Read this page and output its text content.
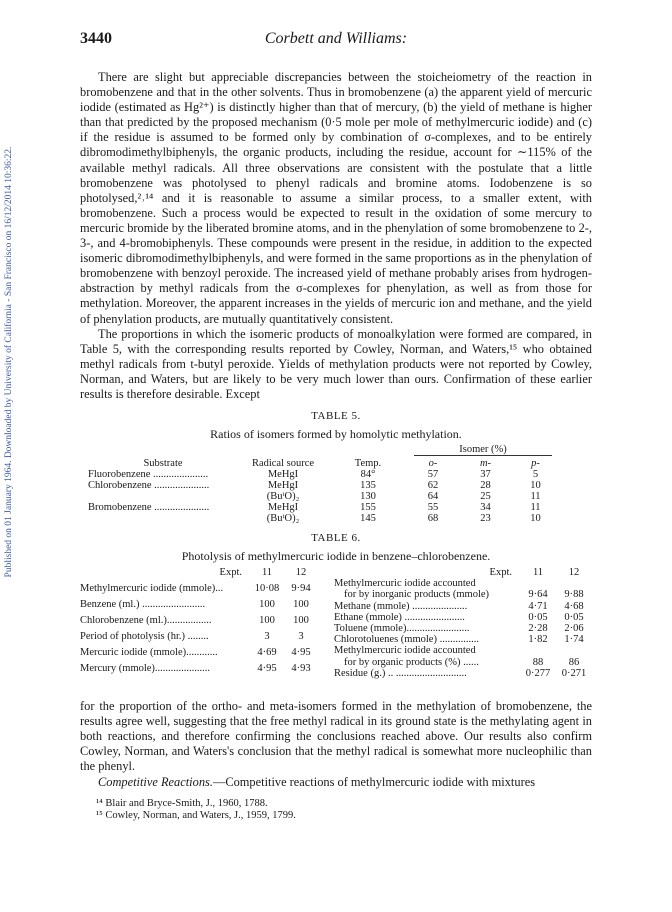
Published on 01 January 1964. Downloaded by University of California - San Francisco on 16/12/2014 10:36:22.
3440	Corbett and Williams:

There are slight but appreciable discrepancies between the stoicheiometry of the reaction in bromobenzene and that in the other solvents. Thus in bromobenzene (a) the apparent yield of mercuric iodide (estimated as Hg²⁺) is distinctly higher than that of mercury, (b) the yield of methane is higher than that predicted by the proposed mechanism (0·5 mole per mole of methylmercuric iodide) and (c) if the residue is assumed to be formed only by combination of σ-complexes, and to be entirely dibromodimethylbiphenyls, the organic products, including the residue, account for ∼115% of the available methyl radicals. All three observations are consistent with the postulate that a little bromobenzene was photolysed to phenyl radicals and bromine atoms. Iodobenzene is so photolysed,²˒¹⁴ and it is reasonable to assume a similar process, to a smaller extent, with bromobenzene. Such a process would be expected to result in the oxidation of some mercury to mercuric bromide by the liberated bromine atoms, and in the phenylation of some bromobenzene to 2-, 3-, and 4-bromobiphenyls. These compounds were present in the residue, in addition to the expected isomeric dibromodimethylbiphenyls, and were formed in the same proportions as in the phenylation of bromobenzene with benzoyl peroxide. The increased yield of methane probably arises from hydrogen-abstraction by methyl radicals from the σ-complexes for phenylation, as well as from those for methylation. Moreover, the apparent increases in the yields of mercuric ion and methane, and the yield of phenylation products, are mutually quantitatively consistent.

The proportions in which the isomeric products of monoalkylation were formed are compared, in Table 5, with the corresponding results reported by Cowley, Norman, and Waters,¹⁵ who obtained methyl radicals from t-butyl peroxide. Yields of methylation products were not reported by Cowley, Norman, and Waters, but are likely to be very much lower than ours. Confirmation of these earlier results is therefore desirable. Except

TABLE 5.
Ratios of isomers formed by homolytic methylation.
			Isomer (%)		

Substrate	Radical source	Temp.	o-	m-	p-
Fluorobenzene .....................	MeHgI	84°	57	37	5
Chlorobenzene .....................	MeHgI	135	62	28	10
	(BuᵗO)₂	130	64	25	11
Bromobenzene .....................	MeHgI	155	55	34	11
	(BuᵗO)₂	145	68	23	10
TABLE 6.
Photolysis of methylmercuric iodide in benzene–chlorobenzene.
Expt.	11	12
Methylmercuric iodide (mmole)...	10·08	9·94
Benzene (ml.) ........................	100	100
Chlorobenzene (ml.).................	100	100
Period of photolysis (hr.) ........	3	3
Mercuric iodide (mmole)............	4·69	4·95
Mercury (mmole).....................	4·95	4·93
Expt.	11	12
Methylmercuric iodide accounted		
for by inorganic products (mmole)	9·64	9·88
Methane (mmole) .....................	4·71	4·68
Ethane (mmole) .......................	0·05	0·05
Toluene (mmole)........................	2·28	2·06
Chlorotoluenes (mmole) ...............	1·82	1·74
Methylmercuric iodide accounted		
for by organic products (%) ......	88	86
Residue (g.) .. ...........................	0·277	0·271

for the proportion of the ortho- and meta-isomers formed in the methylation of bromobenzene, the results agree well, suggesting that the free methyl radical in its ground state is the methylating agent in both reactions, and therefore confirming the conclusions reached above. Our results also confirm Cowley, Norman, and Waters's conclusion that the methyl radical is somewhat more nucleophilic than the phenyl.

Competitive Reactions.—Competitive reactions of methylmercuric iodide with mixtures

¹⁴ Blair and Bryce-Smith, J., 1960, 1788.
¹⁵ Cowley, Norman, and Waters, J., 1959, 1799.
